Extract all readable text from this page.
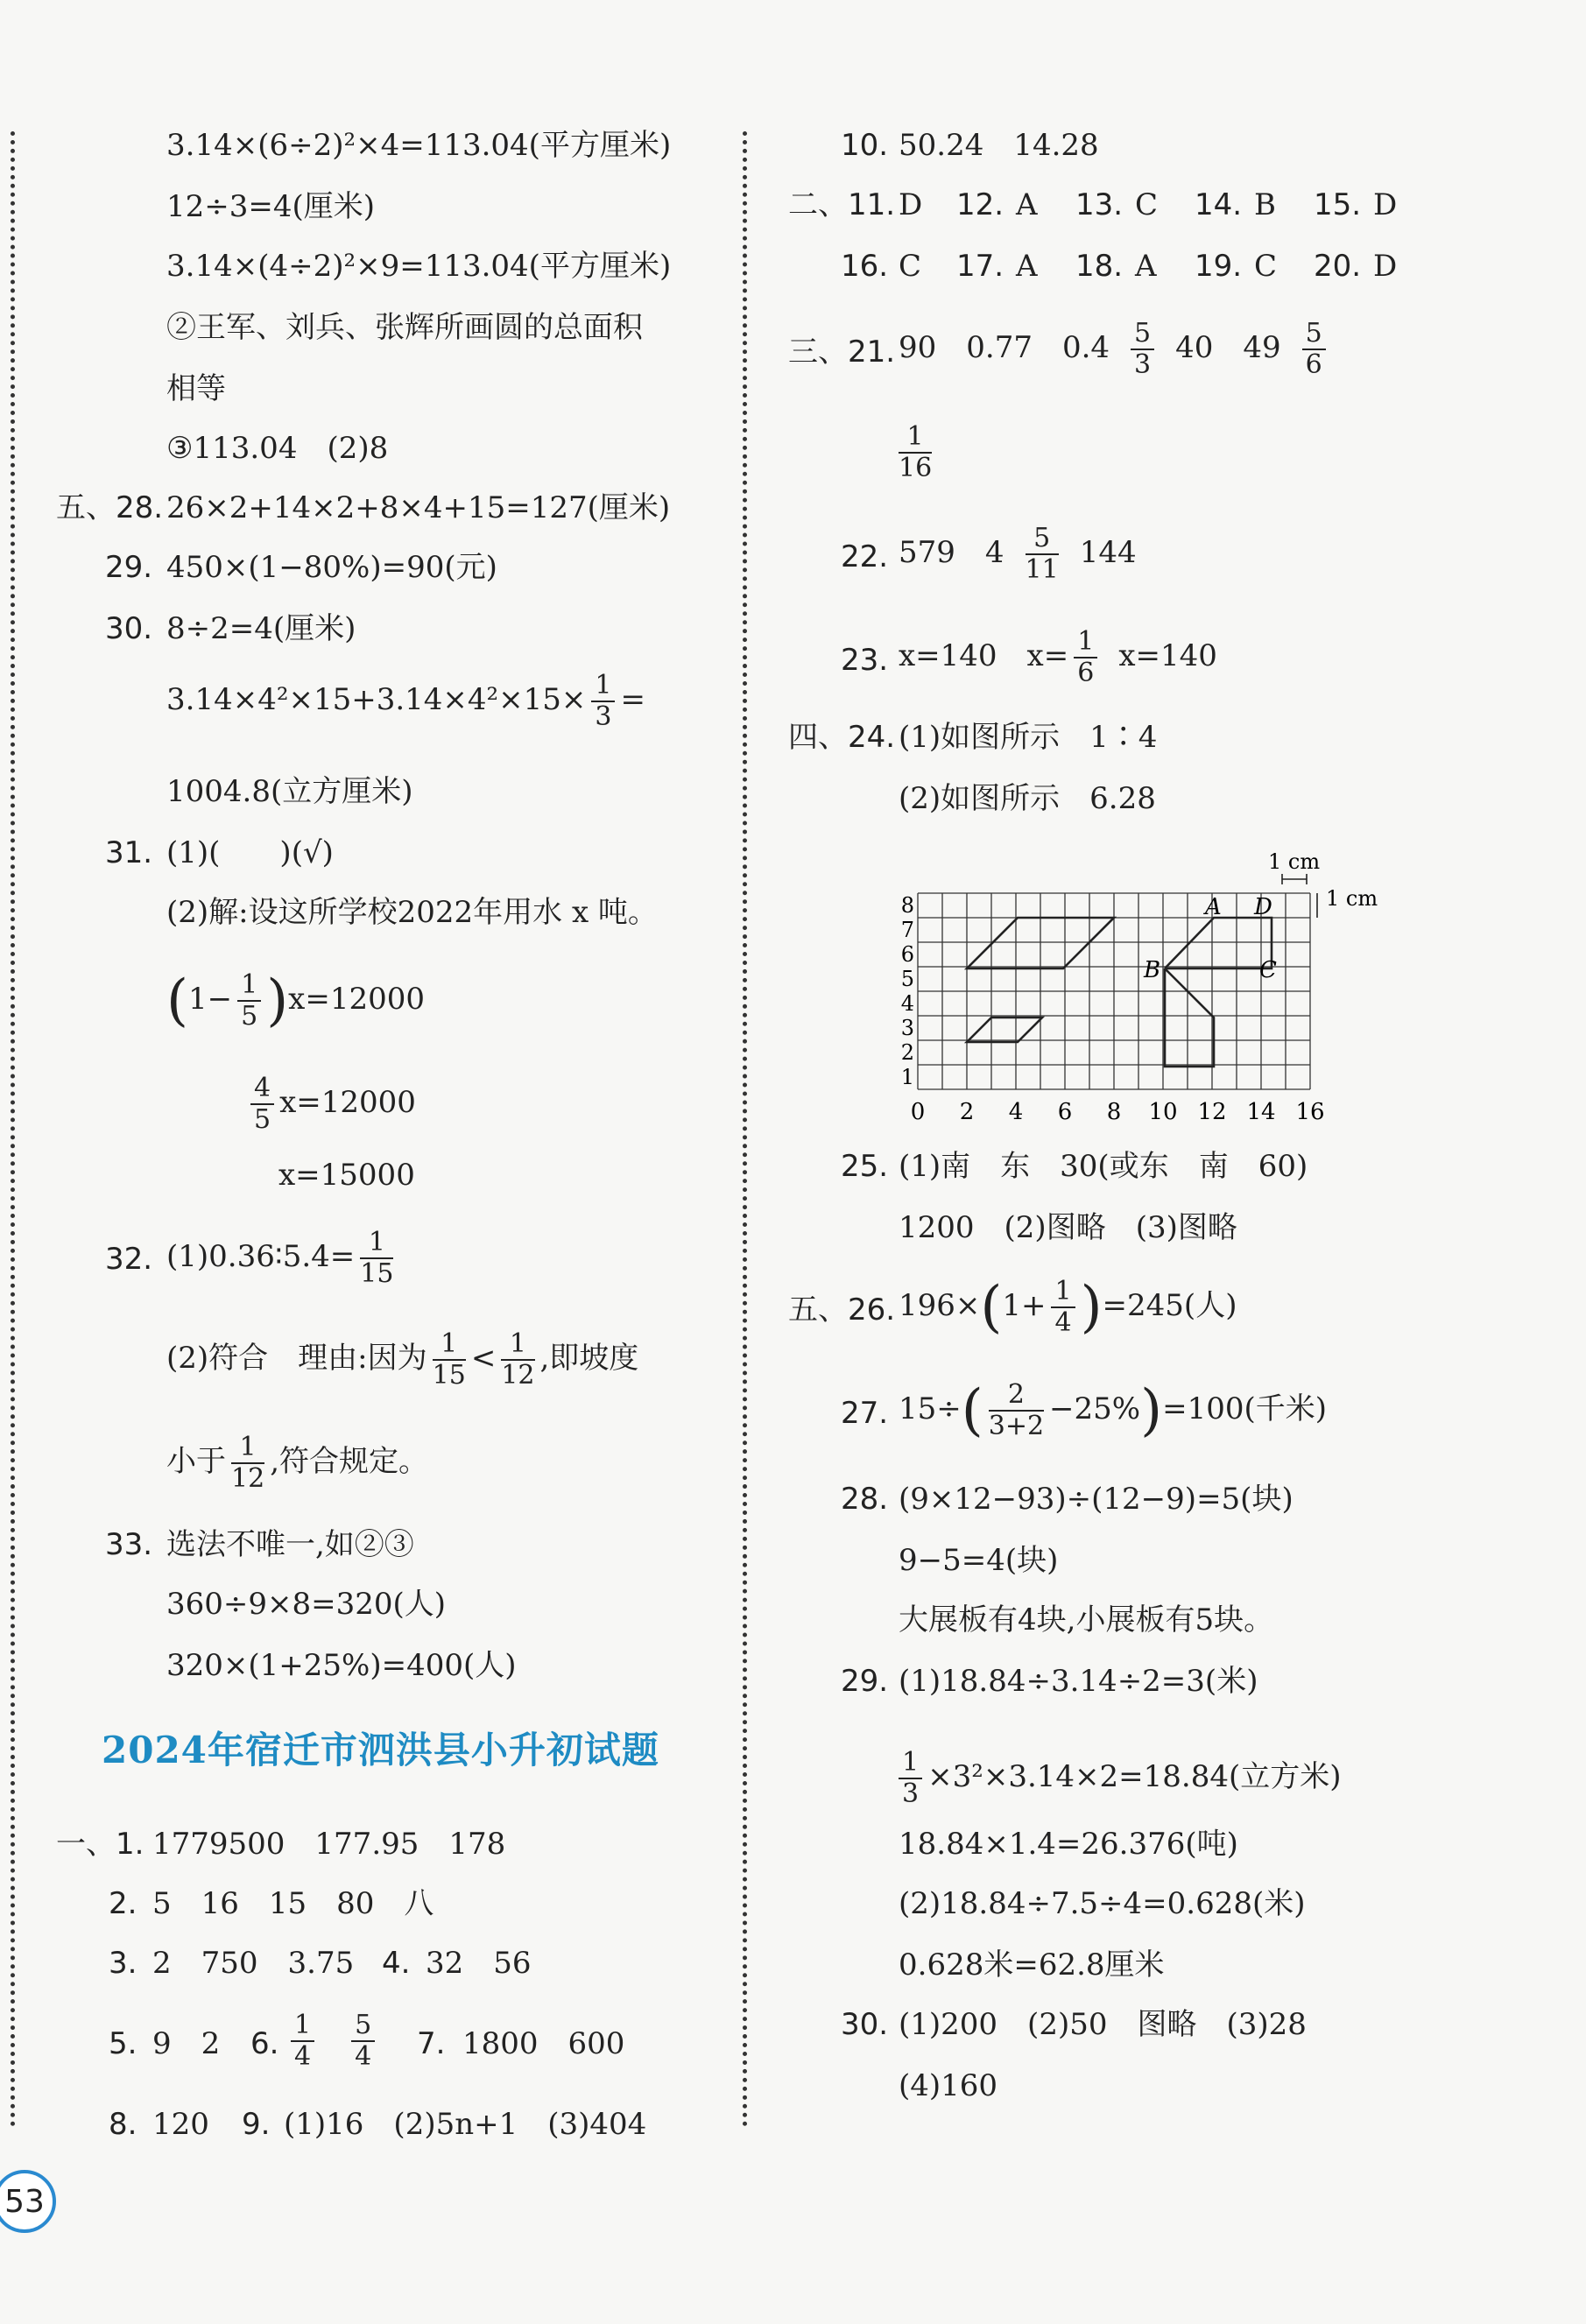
3.14×(6÷2)²×4=113.04(平方厘米)
12÷3=4(厘米)
3.14×(4÷2)²×9=113.04(平方厘米)
②王军、刘兵、张辉所画圆的总面积
相等
③113.04　(2)8
五、28. 26×2+14×2+8×4+15=127(厘米)
29. 450×(1−80%)=90(元)
30. 8÷2=4(厘米)
$3.14\times 4^2\times 15+3.14\times 4^2\times 15\times \frac{1}{3}$ =
1004.8(立方厘米)
31. (1)(　　)(√)
(2)解:设这所学校2022年用水 x 吨。
$(1- \frac{1}{5} )x=12000$
$\frac{4}{5} x=12000$
x=15000
32. (1)0.36∶5.4= $\frac{1}{15}$
(2)符合　理由:因为 $\frac{1}{15} < \frac{1}{12}$ ,即坡度
小于 $\frac{1}{12}$ ,符合规定。
33. 选法不唯一,如②③
360÷9×8=320(人)
320×(1+25%)=400(人)
2024年宿迁市泗洪县小升初试题
一、1. 1779500　177.95　178
2. 5　16　15　80　八
3. 2　750　3.75 4. 32　56
5. 9　2 6. $\frac{1}{4} \frac{5}{4} 7$. 1800　600
8. 120 9. (1)16　(2)5n+1　(3)404
53
10. 50.24　14.28
二、11. D 12. A 13. C 14. B 15. D
16. C 17. A 18. A 19. C 20. D
三、21. 90　0.77　$0.4 \frac{5}{3} 40$　$49 \frac{5}{6}$
$\frac{1}{16}$
22. 579　$4 \frac{5}{11} 144$
23. x=140　$x= \frac{1}{6} x=140$
四、24. (1)如图所示　1∶4
(2)如图所示　6.28
A D
B	C
1 cm
1 cm
0 2 4 6 8 10 12 14 16
1
2
3
4
5
6
7
8
25. (1)南　东　30(或东　南　60)
1200　(2)图略　(3)图略
五、26. $196\times(1+ \frac{1}{4} )=245$(人)
27. $15\div( \frac{2}{3+2} -25\%)=100$(千米)
28. (9×12−93)÷(12−9)=5(块)
9−5=4(块)
大展板有4块,小展板有5块。
29. (1)18.84÷3.14÷2=3(米)
$\frac{1}{3} \times 3^2\times 3.14\times 2=18.84$(立方米)
18.84×1.4=26.376(吨)
(2)18.84÷7.5÷4=0.628(米)
0.628米=62.8厘米
30. (1)200　(2)50　图略　(3)28
(4)160
